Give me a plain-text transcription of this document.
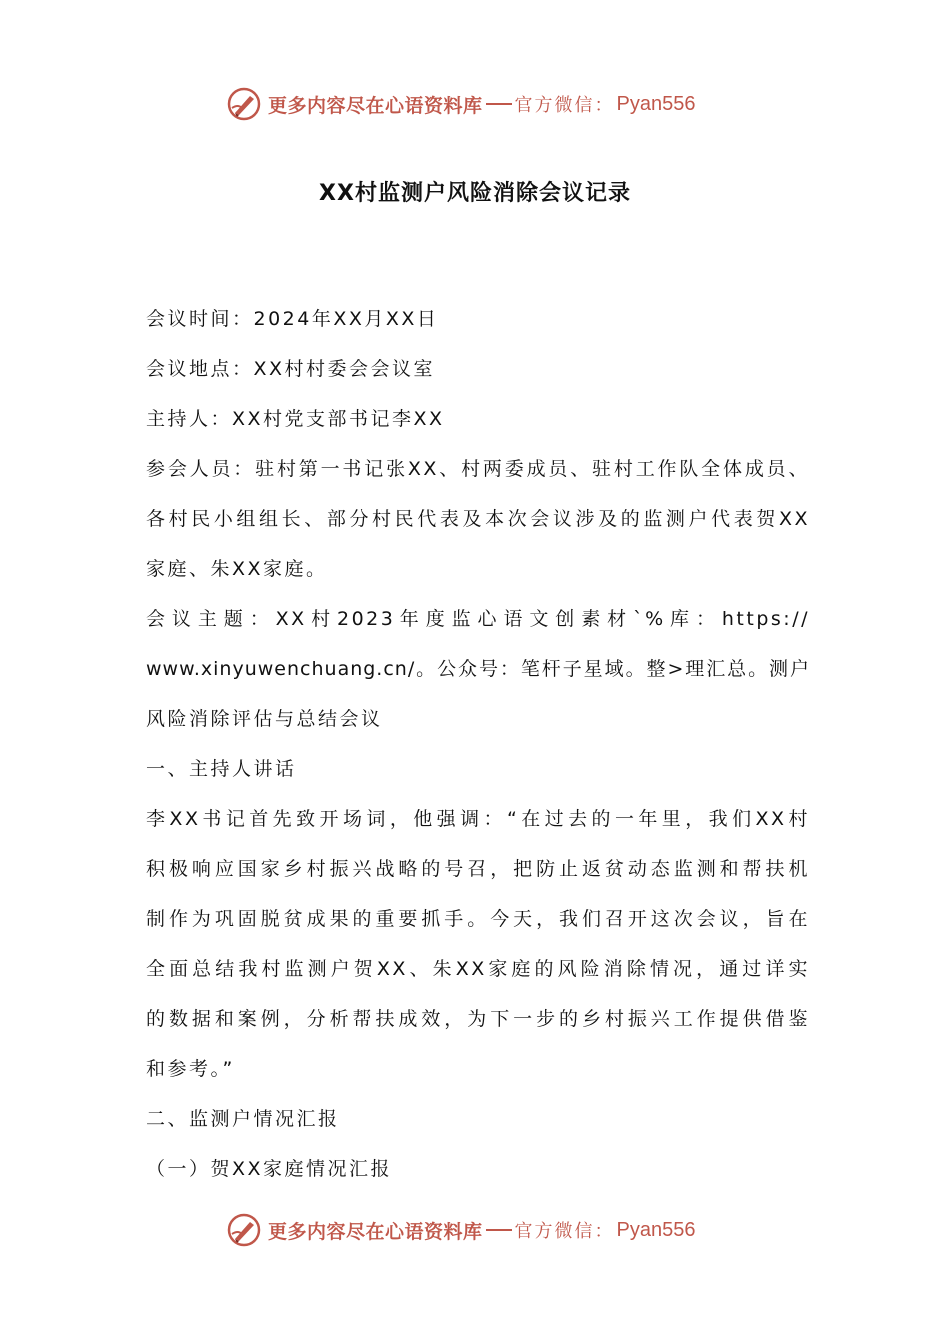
更多内容尽在心语资料库 官方微信： Pyan556
XX村监测户风险消除会议记录

会议时间：2024年XX月XX日

会议地点：XX村村委会会议室

主持人：XX村党支部书记李XX

参会人员：驻村第一书记张XX、村两委成员、驻村工作队全体成员、

各村民小组组长、部分村民代表及本次会议涉及的监测户代表贺XX

家庭、朱XX家庭。

会议主题：XX村2023年度监心语文创素材`%库：https://

www.xinyuwenchuang.cn/。公众号：笔杆子星域。整>理汇总。测户

风险消除评估与总结会议

一、主持人讲话

李XX书记首先致开场词，他强调：“在过去的一年里，我们XX村

积极响应国家乡村振兴战略的号召，把防止返贫动态监测和帮扶机

制作为巩固脱贫成果的重要抓手。今天，我们召开这次会议，旨在

全面总结我村监测户贺XX、朱XX家庭的风险消除情况，通过详实

的数据和案例，分析帮扶成效，为下一步的乡村振兴工作提供借鉴

和参考。”

二、监测户情况汇报

（一）贺XX家庭情况汇报

更多内容尽在心语资料库 官方微信： Pyan556
